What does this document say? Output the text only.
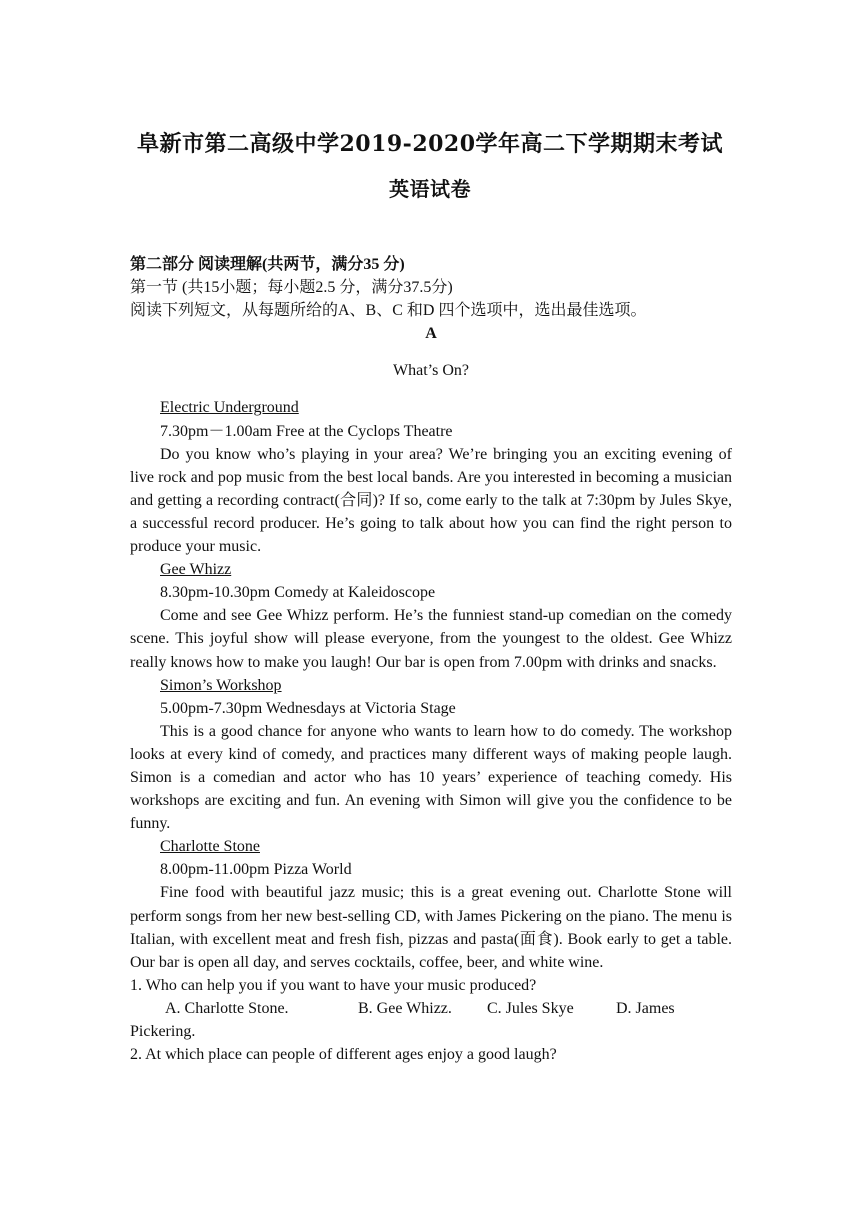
阜新市第二高级中学2019-2020学年高二下学期期末考试
英语试卷

第二部分 阅读理解(共两节，满分35 分)

第一节 (共15小题；每小题2.5 分，满分37.5分)

阅读下列短文，从每题所给的A、B、C 和D 四个选项中，选出最佳选项。

A

What’s On?

Electric Underground

7.30pm－1.00am Free at the Cyclops Theatre

Do you know who’s playing in your area? We’re bringing you an exciting evening of live rock and pop music from the best local bands. Are you interested in becoming a musician and getting a recording contract(合同)? If so, come early to the talk at 7:30pm by Jules Skye, a successful record producer. He’s going to talk about how you can find the right person to produce your music.

Gee Whizz

8.30pm-10.30pm Comedy at Kaleidoscope

Come and see Gee Whizz perform. He’s the funniest stand-up comedian on the comedy scene. This joyful show will please everyone, from the youngest to the oldest. Gee Whizz really knows how to make you laugh! Our bar is open from 7.00pm with drinks and snacks.

Simon’s Workshop

5.00pm-7.30pm Wednesdays at Victoria Stage

This is a good chance for anyone who wants to learn how to do comedy. The workshop looks at every kind of comedy, and practices many different ways of making people laugh. Simon is a comedian and actor who has 10 years’ experience of teaching comedy. His workshops are exciting and fun. An evening with Simon will give you the confidence to be funny.

Charlotte Stone

8.00pm-11.00pm Pizza World

Fine food with beautiful jazz music; this is a great evening out. Charlotte Stone will perform songs from her new best-selling CD, with James Pickering on the piano. The menu is Italian, with excellent meat and fresh fish, pizzas and pasta(面食). Book early to get a table. Our bar is open all day, and serves cocktails, coffee, beer, and white wine.

1. Who can help you if you want to have your music produced?

A. Charlotte Stone.	B. Gee Whizz.	C. Jules Skye	D. James

Pickering.

2. At which place can people of different ages enjoy a good laugh?
